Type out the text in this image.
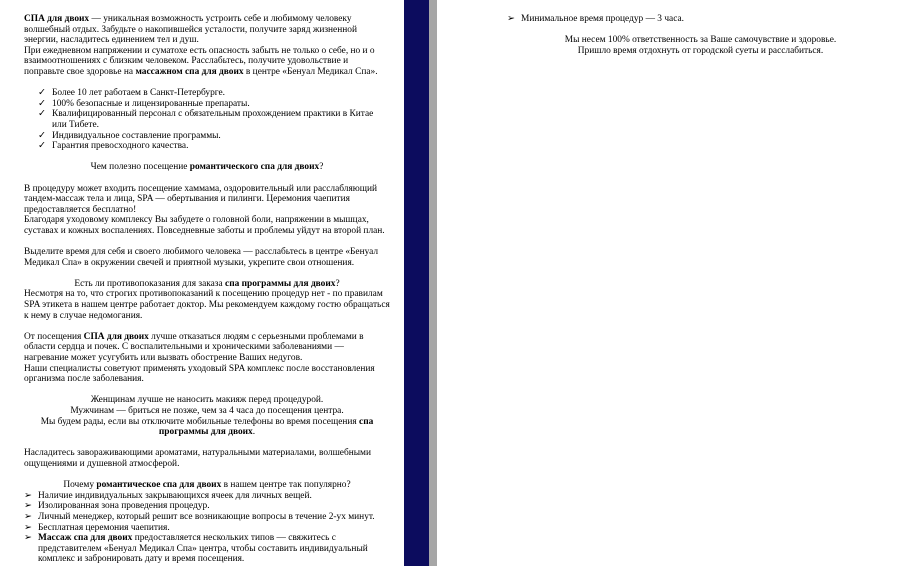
СПА для двоих — уникальная возможность устроить себе и любимому человеку волшебный отдых. Забудьте о накопившейся усталости, получите заряд жизненной энергии, насладитесь единением тел и душ.

При ежедневном напряжении и суматохе есть опасность забыть не только о себе, но и о взаимоотношениях с близким человеком. Расслабьтесь, получите удовольствие и поправьте свое здоровье на массажном спа для двоих в центре «Бенуал Медикал Спа».

✓ Более 10 лет работаем в Санкт-Петербурге.
✓ 100% безопасные и лицензированные препараты.
✓ Квалифицированный персонал с обязательным прохождением практики в Китае или Тибете.
✓ Индивидуальное составление программы.
✓ Гарантия превосходного качества.

Чем полезно посещение романтического спа для двоих?

В процедуру может входить посещение хаммама, оздоровительный или расслабляющий тандем-массаж тела и лица, SPA — обертывания и пилинги. Церемония чаепития предоставляется бесплатно!

Благодаря уходовому комплексу Вы забудете о головной боли, напряжении в мышцах, суставах и кожных воспалениях. Повседневные заботы и проблемы уйдут на второй план.

Выделите время для себя и своего любимого человека — расслабьтесь в центре «Бенуал Медикал Спа» в окружении свечей и приятной музыки, укрепите свои отношения.

Есть ли противопоказания для заказа спа программы для двоих?

Несмотря на то, что строгих противопоказаний к посещению процедур нет - по правилам SPA этикета в нашем центре работает доктор. Мы рекомендуем каждому гостю обращаться к нему в случае недомогания.

От посещения СПА для двоих лучше отказаться людям с серьезными проблемами в области сердца и почек. С воспалительными и хроническими заболеваниями — нагревание может усугубить или вызвать обострение Ваших недугов.

Наши специалисты советуют применять уходовый SPA комплекс после восстановления организма после заболевания.

Женщинам лучше не наносить макияж перед процедурой.

Мужчинам — бриться не позже, чем за 4 часа до посещения центра.

Мы будем рады, если вы отключите мобильные телефоны во время посещения спа программы для двоих.

Насладитесь завораживающими ароматами, натуральными материалами, волшебными ощущениями и душевной атмосферой.

Почему романтическое спа для двоих в нашем центре так популярно?

➢ Наличие индивидуальных закрывающихся ячеек для личных вещей.
➢ Изолированная зона проведения процедур.
➢ Личный менеджер, который решит все возникающие вопросы в течение 2-ух минут.
➢ Бесплатная церемония чаепития.
➢ Массаж спа для двоих предоставляется нескольких типов — свяжитесь с представителем «Бенуал Медикал Спа» центра, чтобы составить индивидуальный комплекс и забронировать дату и время посещения.
➢ Минимальное время процедур — 3 часа.

Мы несем 100% ответственность за Ваше самочувствие и здоровье.

Пришло время отдохнуть от городской суеты и расслабиться.
